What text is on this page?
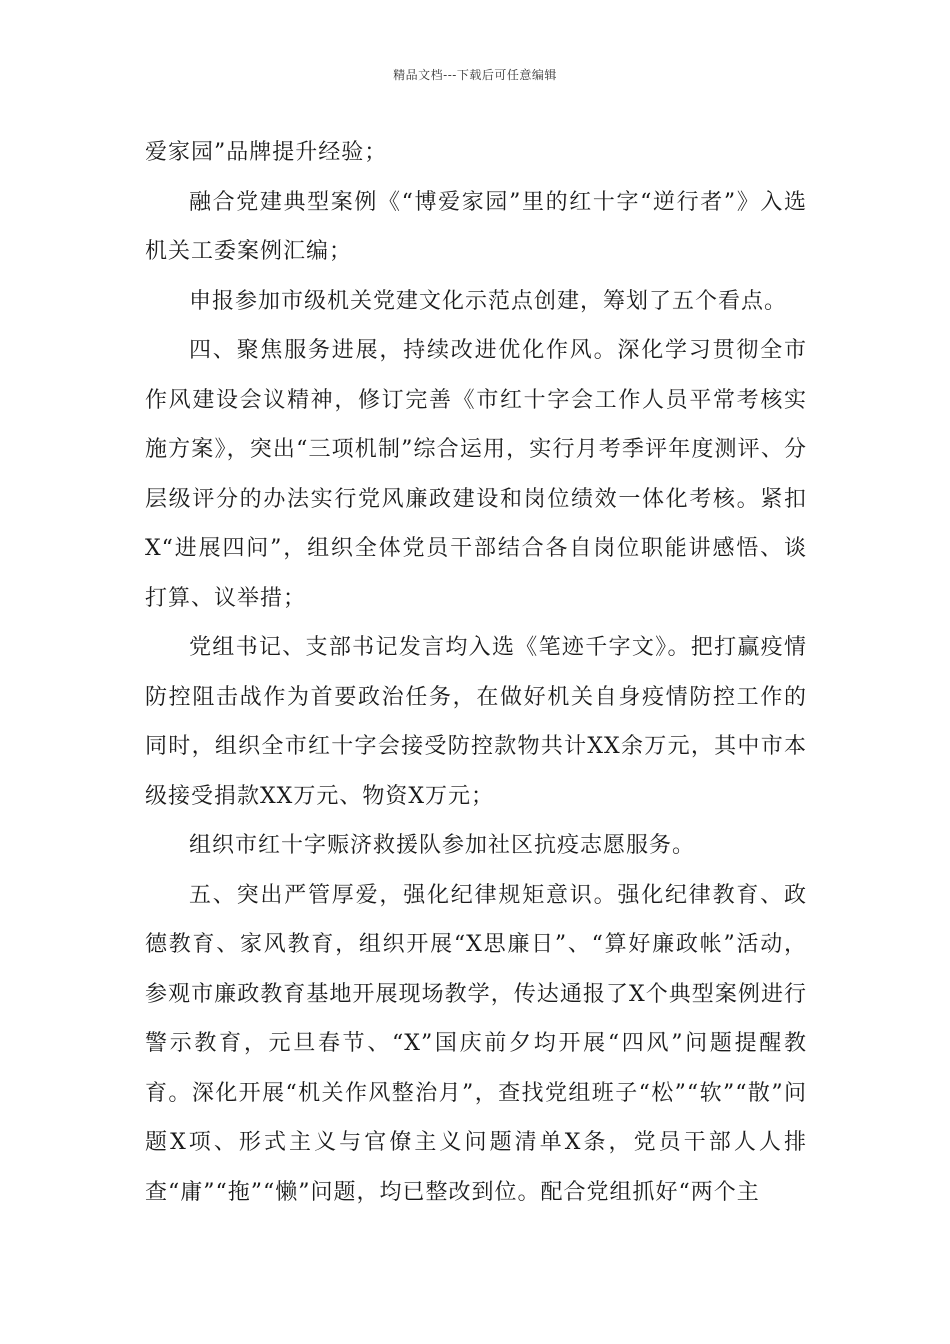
精品文档---下载后可任意编辑

爱家园”品牌提升经验；

融合党建典型案例《“博爱家园”里的红十字“逆行者”》入选机关工委案例汇编；

申报参加市级机关党建文化示范点创建，筹划了五个看点。

四、聚焦服务进展，持续改进优化作风。深化学习贯彻全市作风建设会议精神，修订完善《市红十字会工作人员平常考核实施方案》，突出“三项机制”综合运用，实行月考季评年度测评、分层级评分的办法实行党风廉政建设和岗位绩效一体化考核。紧扣X“进展四问”，组织全体党员干部结合各自岗位职能讲感悟、谈打算、议举措；

党组书记、支部书记发言均入选《笔迹千字文》。把打赢疫情防控阻击战作为首要政治任务，在做好机关自身疫情防控工作的同时，组织全市红十字会接受防控款物共计XX余万元，其中市本级接受捐款XX万元、物资X万元；

组织市红十字赈济救援队参加社区抗疫志愿服务。

五、突出严管厚爱，强化纪律规矩意识。强化纪律教育、政德教育、家风教育，组织开展“X思廉日”、“算好廉政帐”活动，参观市廉政教育基地开展现场教学，传达通报了X个典型案例进行警示教育，元旦春节、“X”国庆前夕均开展“四风”问题提醒教育。深化开展“机关作风整治月”，查找党组班子“松”“软”“散”问题X项、形式主义与官僚主义问题清单X条，党员干部人人排查“庸”“拖”“懒”问题，均已整改到位。配合党组抓好“两个主
